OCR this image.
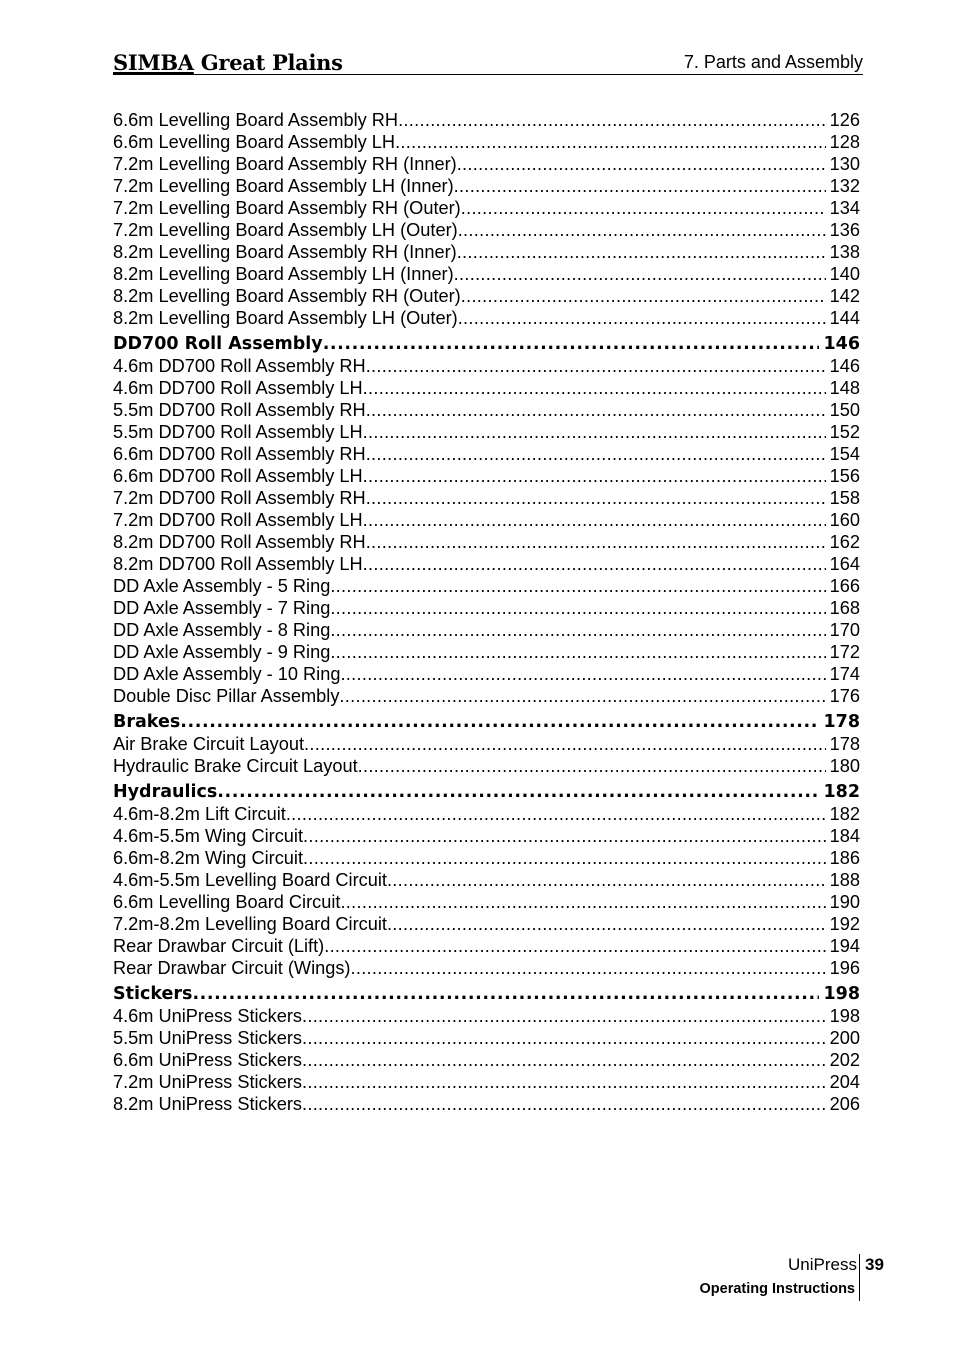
SIMBA Great Plains	7. Parts and Assembly
6.6m Levelling Board Assembly RH .....	126
6.6m Levelling Board Assembly LH .....	128
7.2m Levelling Board Assembly RH (Inner) .....	130
7.2m Levelling Board Assembly LH (Inner) .....	132
7.2m Levelling Board Assembly RH (Outer) .....	134
7.2m Levelling Board Assembly LH (Outer) .....	136
8.2m Levelling Board Assembly RH (Inner) .....	138
8.2m Levelling Board Assembly LH (Inner) .....	140
8.2m Levelling Board Assembly RH (Outer) .....	142
8.2m Levelling Board Assembly LH (Outer) .....	144
DD700 Roll Assembly .....	146
4.6m DD700 Roll Assembly RH .....	146
4.6m DD700 Roll Assembly LH .....	148
5.5m DD700 Roll Assembly RH .....	150
5.5m DD700 Roll Assembly LH .....	152
6.6m DD700 Roll Assembly RH .....	154
6.6m DD700 Roll Assembly LH .....	156
7.2m DD700 Roll Assembly RH .....	158
7.2m DD700 Roll Assembly LH .....	160
8.2m DD700 Roll Assembly RH .....	162
8.2m DD700 Roll Assembly LH .....	164
DD Axle Assembly - 5 Ring .....	166
DD Axle Assembly - 7 Ring .....	168
DD Axle Assembly - 8 Ring .....	170
DD Axle Assembly - 9 Ring .....	172
DD Axle Assembly - 10 Ring .....	174
Double Disc Pillar Assembly .....	176
Brakes .....	178
Air Brake Circuit Layout .....	178
Hydraulic Brake Circuit Layout .....	180
Hydraulics .....	182
4.6m-8.2m Lift Circuit .....	182
4.6m-5.5m Wing Circuit .....	184
6.6m-8.2m Wing Circuit .....	186
4.6m-5.5m Levelling Board Circuit .....	188
6.6m Levelling Board Circuit .....	190
7.2m-8.2m Levelling Board Circuit .....	192
Rear Drawbar Circuit (Lift) .....	194
Rear Drawbar Circuit (Wings) .....	196
Stickers .....	198
4.6m UniPress Stickers .....	198
5.5m UniPress Stickers .....	200
6.6m UniPress Stickers .....	202
7.2m UniPress Stickers .....	204
8.2m UniPress Stickers .....	206
UniPress
Operating Instructions
39
